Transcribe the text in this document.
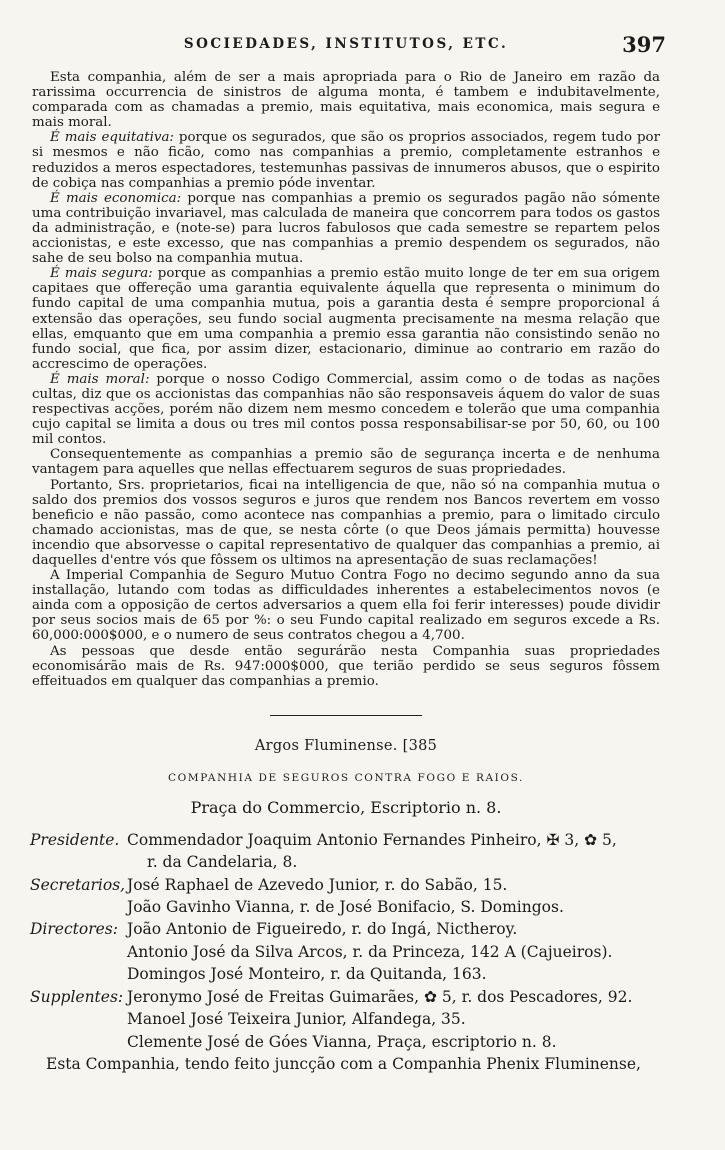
SOCIEDADES, INSTITUTOS, ETC.	397

Esta companhia, além de ser a mais apropriada para o Rio de Janeiro em razão da rarissima occurrencia de sinistros de alguma monta, é tambem e indubitavelmente, comparada com as chamadas a premio, mais equitativa, mais economica, mais segura e mais moral.

É mais equitativa: porque os segurados, que são os proprios associados, regem tudo por si mesmos e não ficão, como nas companhias a premio, completamente estranhos e reduzidos a meros espectadores, testemunhas passivas de innumeros abusos, que o espirito de cobiça nas companhias a premio póde inventar.

É mais economica: porque nas companhias a premio os segurados pagão não sómente uma contribuição invariavel, mas calculada de maneira que concorrem para todos os gastos da administração, e (note-se) para lucros fabulosos que cada semestre se repartem pelos accionistas, e este excesso, que nas companhias a premio despendem os segurados, não sahe de seu bolso na companhia mutua.

É mais segura: porque as companhias a premio estão muito longe de ter em sua origem capitaes que offereção uma garantia equivalente áquella que representa o minimum do fundo capital de uma companhia mutua, pois a garantia desta é sempre proporcional á extensão das operações, seu fundo social augmenta precisamente na mesma relação que ellas, emquanto que em uma companhia a premio essa garantia não consistindo senão no fundo social, que fica, por assim dizer, estacionario, diminue ao contrario em razão do accrescimo de operações.

É mais moral: porque o nosso Codigo Commercial, assim como o de todas as nações cultas, diz que os accionistas das companhias não são responsaveis áquem do valor de suas respectivas acções, porém não dizem nem mesmo concedem e tolerão que uma companhia cujo capital se limita a dous ou tres mil contos possa responsabilisar-se por 50, 60, ou 100 mil contos.

Consequentemente as companhias a premio são de segurança incerta e de nenhuma vantagem para aquelles que nellas effectuarem seguros de suas propriedades.

Portanto, Srs. proprietarios, ficai na intelligencia de que, não só na companhia mutua o saldo dos premios dos vossos seguros e juros que rendem nos Bancos revertem em vosso beneficio e não passão, como acontece nas companhias a premio, para o limitado circulo chamado accionistas, mas de que, se nesta côrte (o que Deos jámais permitta) houvesse incendio que absorvesse o capital representativo de qualquer das companhias a premio, ai daquelles d'entre vós que fôssem os ultimos na apresentação de suas reclamações!

A Imperial Companhia de Seguro Mutuo Contra Fogo no decimo segundo anno da sua installação, lutando com todas as difficuldades inherentes a estabelecimentos novos (e ainda com a opposição de certos adversarios a quem ella foi ferir interesses) poude dividir por seus socios mais de 65 por %: o seu Fundo capital realizado em seguros excede a Rs. 60,000:000$000, e o numero de seus contratos chegou a 4,700.

As pessoas que desde então segurárão nesta Companhia suas propriedades economisárão mais de Rs. 947:000$000, que terião perdido se seus seguros fôssem effeituados em qualquer das companhias a premio.

Argos Fluminense. [385
COMPANHIA DE SEGUROS CONTRA FOGO E RAIOS.
Praça do Commercio, Escriptorio n. 8.
Presidente. Commendador Joaquim Antonio Fernandes Pinheiro, ✠ 3, ✿ 5,
r. da Candelaria, 8.
Secretarios, José Raphael de Azevedo Junior, r. do Sabão, 15.
João Gavinho Vianna, r. de José Bonifacio, S. Domingos.
Directores: João Antonio de Figueiredo, r. do Ingá, Nictheroy.
Antonio José da Silva Arcos, r. da Princeza, 142 A (Cajueiros).
Domingos José Monteiro, r. da Quitanda, 163.
Supplentes: Jeronymo José de Freitas Guimarães, ✿ 5, r. dos Pescadores, 92.
Manoel José Teixeira Junior, Alfandega, 35.
Clemente José de Góes Vianna, Praça, escriptorio n. 8.
Esta Companhia, tendo feito juncção com a Companhia Phenix Fluminense,
